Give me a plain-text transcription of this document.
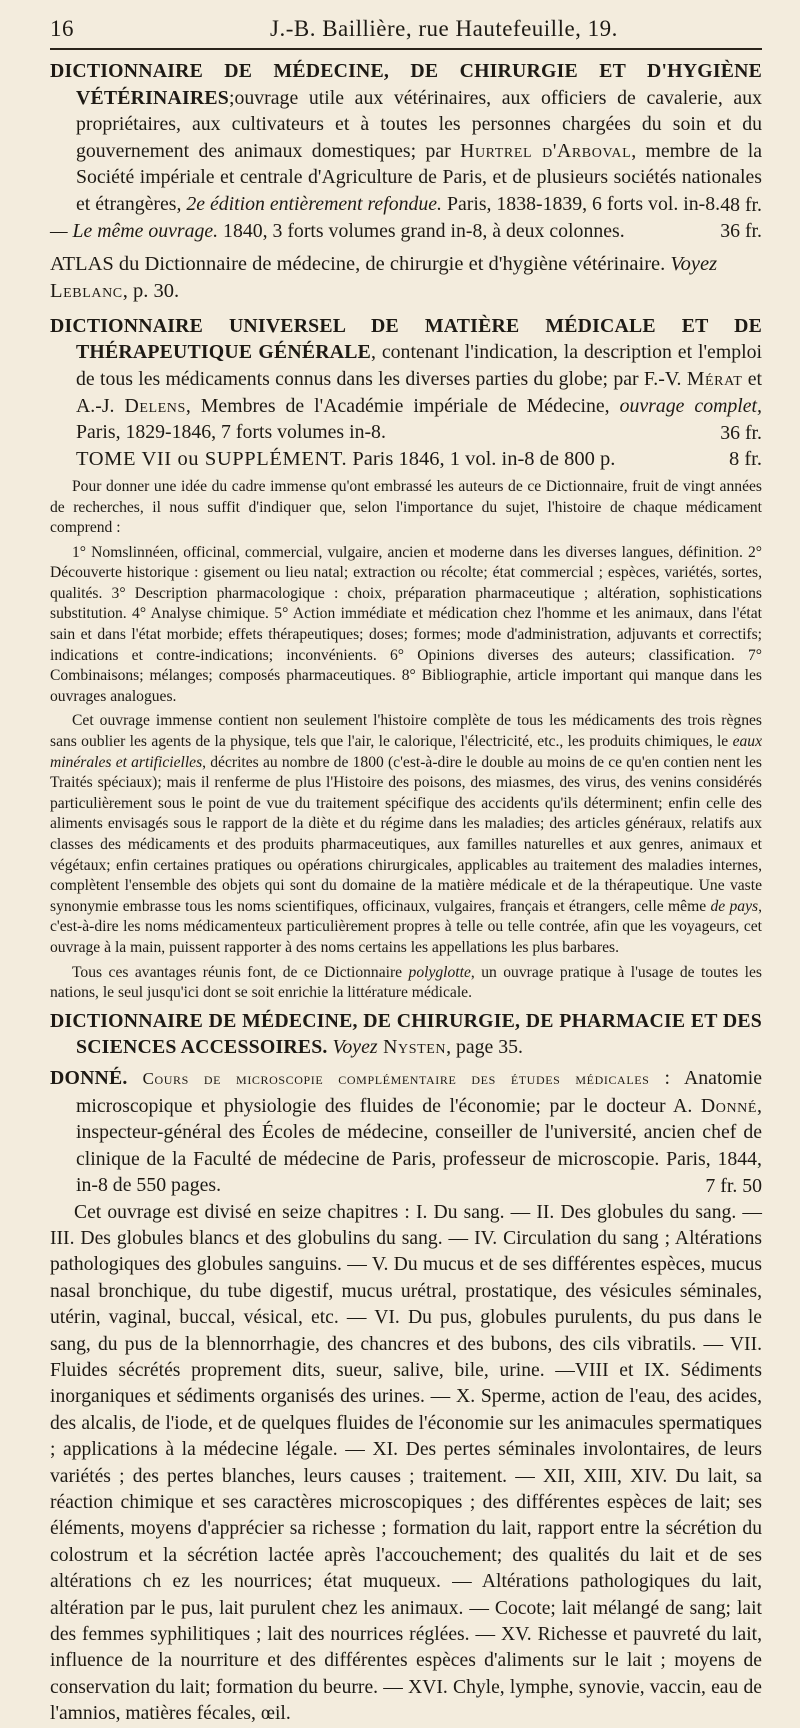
16	J.-B. Baillière, rue Hautefeuille, 19.

DICTIONNAIRE DE MÉDECINE, DE CHIRURGIE ET D'HYGIÈNE VÉTÉRINAIRES;ouvrage utile aux vétérinaires, aux officiers de cavalerie, aux propriétaires, aux cultivateurs et à toutes les personnes chargées du soin et du gouvernement des animaux domestiques; par Hurtrel d'Arboval, membre de la Société impériale et centrale d'Agriculture de Paris, et de plusieurs sociétés nationales et étrangères, 2e édition entièrement refondue. Paris, 1838-1839, 6 forts vol. in-8. 48 fr.
— Le même ouvrage. 1840, 3 forts volumes grand in-8, à deux colonnes.	36 fr.
ATLAS du Dictionnaire de médecine, de chirurgie et d'hygiène vétérinaire. Voyez Leblanc, p. 30.

DICTIONNAIRE UNIVERSEL DE MATIÈRE MÉDICALE ET DE THÉRAPEUTIQUE GÉNÉRALE, contenant l'indication, la description et l'emploi de tous les médicaments connus dans les diverses parties du globe; par F.-V. Mérat et A.-J. Delens, Membres de l'Académie impériale de Médecine, ouvrage complet, Paris, 1829-1846, 7 forts volumes in-8.	36 fr.
TOME VII ou SUPPLÉMENT. Paris 1846, 1 vol. in-8 de 800 p.	8 fr.

Pour donner une idée du cadre immense qu'ont embrassé les auteurs de ce Dictionnaire, fruit de vingt années de recherches, il nous suffit d'indiquer que, selon l'importance du sujet, l'histoire de chaque médicament comprend :

1° Nomslinnéen, officinal, commercial, vulgaire, ancien et moderne dans les diverses langues, définition. 2° Découverte historique : gisement ou lieu natal; extraction ou récolte; état commercial ; espèces, variétés, sortes, qualités. 3° Description pharmacologique : choix, préparation pharmaceutique ; altération, sophistications substitution. 4° Analyse chimique. 5° Action immédiate et médication chez l'homme et les animaux, dans l'état sain et dans l'état morbide; effets thérapeutiques; doses; formes; mode d'administration, adjuvants et correctifs; indications et contre-indications; inconvénients. 6° Opinions diverses des auteurs; classification. 7° Combinaisons; mélanges; composés pharmaceutiques. 8° Bibliographie, article important qui manque dans les ouvrages analogues.

Cet ouvrage immense contient non seulement l'histoire complète de tous les médicaments des trois règnes sans oublier les agents de la physique, tels que l'air, le calorique, l'électricité, etc., les produits chimiques, le eaux minérales et artificielles, décrites au nombre de 1800 (c'est-à-dire le double au moins de ce qu'en contien nent les Traités spéciaux); mais il renferme de plus l'Histoire des poisons, des miasmes, des virus, des venins considérés particulièrement sous le point de vue du traitement spécifique des accidents qu'ils déterminent; enfin celle des aliments envisagés sous le rapport de la diète et du régime dans les maladies; des articles généraux, relatifs aux classes des médicaments et des produits pharmaceutiques, aux familles naturelles et aux genres, animaux et végétaux; enfin certaines pratiques ou opérations chirurgicales, applicables au traitement des maladies internes, complètent l'ensemble des objets qui sont du domaine de la matière médicale et de la thérapeutique. Une vaste synonymie embrasse tous les noms scientifiques, officinaux, vulgaires, français et étrangers, celle même de pays, c'est-à-dire les noms médicamenteux particulièrement propres à telle ou telle contrée, afin que les voyageurs, cet ouvrage à la main, puissent rapporter à des noms certains les appellations les plus barbares.

Tous ces avantages réunis font, de ce Dictionnaire polyglotte, un ouvrage pratique à l'usage de toutes les nations, le seul jusqu'ici dont se soit enrichie la littérature médicale.

DICTIONNAIRE DE MÉDECINE, DE CHIRURGIE, DE PHARMACIE ET DES SCIENCES ACCESSOIRES. Voyez Nysten, page 35.

DONNÉ. Cours de microscopie complémentaire des études médicales : Anatomie microscopique et physiologie des fluides de l'économie; par le docteur A. Donné, inspecteur-général des Écoles de médecine, conseiller de l'université, ancien chef de clinique de la Faculté de médecine de Paris, professeur de microscopie. Paris, 1844, in-8 de 550 pages.	7 fr. 50

Cet ouvrage est divisé en seize chapitres : I. Du sang. — II. Des globules du sang. — III. Des globules blancs et des globulins du sang. — IV. Circulation du sang ; Altérations pathologiques des globules sanguins. — V. Du mucus et de ses différentes espèces, mucus nasal bronchique, du tube digestif, mucus urétral, prostatique, des vésicules séminales, utérin, vaginal, buccal, vésical, etc. — VI. Du pus, globules purulents, du pus dans le sang, du pus de la blennorrhagie, des chancres et des bubons, des cils vibratils. — VII. Fluides sécrétés proprement dits, sueur, salive, bile, urine. —VIII et IX. Sédiments inorganiques et sédiments organisés des urines. — X. Sperme, action de l'eau, des acides, des alcalis, de l'iode, et de quelques fluides de l'économie sur les animacules spermatiques ; applications à la médecine légale. — XI. Des pertes séminales involontaires, de leurs variétés ; des pertes blanches, leurs causes ; traitement. — XII, XIII, XIV. Du lait, sa réaction chimique et ses caractères microscopiques ; des différentes espèces de lait; ses éléments, moyens d'apprécier sa richesse ; formation du lait, rapport entre la sécrétion du colostrum et la sécrétion lactée après l'accouchement; des qualités du lait et de ses altérations ch ez les nourrices; état muqueux. — Altérations pathologiques du lait, altération par le pus, lait purulent chez les animaux. — Cocote; lait mélangé de sang; lait des femmes syphilitiques ; lait des nourrices réglées. — XV. Richesse et pauvreté du lait, influence de la nourriture et des différentes espèces d'aliments sur le lait ; moyens de conservation du lait; formation du beurre. — XVI. Chyle, lymphe, synovie, vaccin, eau de l'amnios, matières fécales, œil.
